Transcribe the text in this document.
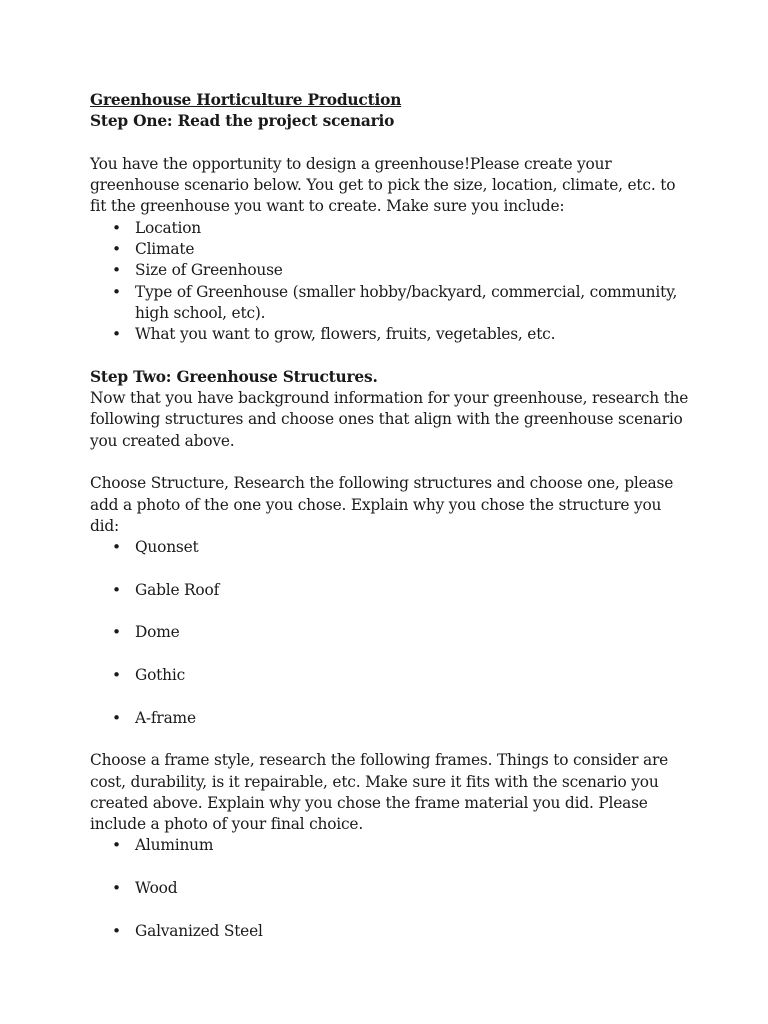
Greenhouse Horticulture Production

Step One: Read the project scenario

You have the opportunity to design a greenhouse!Please create your greenhouse scenario below. You get to pick the size, location, climate, etc. to fit the greenhouse you want to create. Make sure you include:

• Location
• Climate
• Size of Greenhouse
• Type of Greenhouse (smaller hobby/backyard, commercial, community, high school, etc).
• What you want to grow, flowers, fruits, vegetables, etc.

Step Two: Greenhouse Structures.

Now that you have background information for your greenhouse, research the following structures and choose ones that align with the greenhouse scenario you created above.

Choose Structure, Research the following structures and choose one, please add a photo of the one you chose. Explain why you chose the structure you did:

• Quonset
• Gable Roof
• Dome
• Gothic
• A-frame

Choose a frame style, research the following frames. Things to consider are cost, durability, is it repairable, etc. Make sure it fits with the scenario you created above. Explain why you chose the frame material you did. Please include a photo of your final choice.

• Aluminum
• Wood
• Galvanized Steel
